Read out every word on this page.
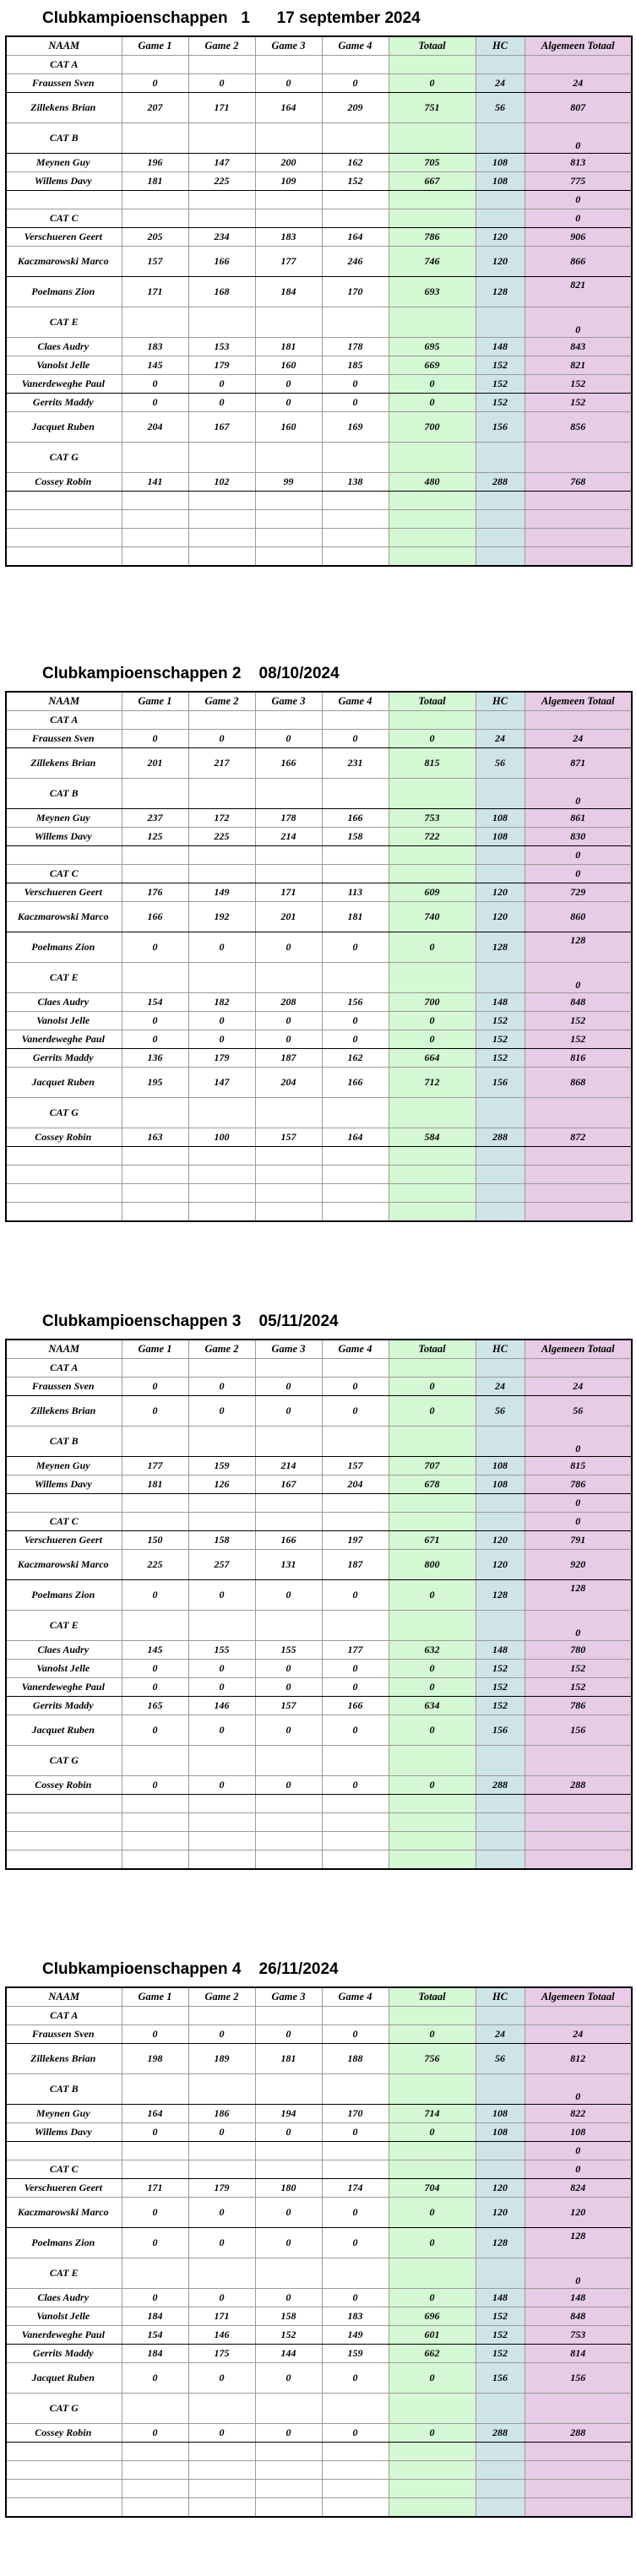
Clubkampioenschappen   1      17 september 2024
NAAM	Game 1	Game 2	Game 3	Game 4	Totaal	HC	Algemeen Totaal
CAT A							
Fraussen Sven	0	0	0	0	0	24	24
Zillekens Brian	207	171	164	209	751	56	807
CAT B							0
Meynen Guy	196	147	200	162	705	108	813
Willems Davy	181	225	109	152	667	108	775
							0
CAT C							0
Verschueren Geert	205	234	183	164	786	120	906
Kaczmarowski Marco	157	166	177	246	746	120	866
Poelmans Zion	171	168	184	170	693	128	821
CAT E							0
Claes Audry	183	153	181	178	695	148	843
Vanolst Jelle	145	179	160	185	669	152	821
Vanerdeweghe Paul	0	0	0	0	0	152	152
Gerrits Maddy	0	0	0	0	0	152	152
Jacquet Ruben	204	167	160	169	700	156	856
CAT G							
Cossey Robin	141	102	99	138	480	288	768

Clubkampioenschappen 2    08/10/2024
NAAM	Game 1	Game 2	Game 3	Game 4	Totaal	HC	Algemeen Totaal
CAT A							
Fraussen Sven	0	0	0	0	0	24	24
Zillekens Brian	201	217	166	231	815	56	871
CAT B							0
Meynen Guy	237	172	178	166	753	108	861
Willems Davy	125	225	214	158	722	108	830
							0
CAT C							0
Verschueren Geert	176	149	171	113	609	120	729
Kaczmarowski Marco	166	192	201	181	740	120	860
Poelmans Zion	0	0	0	0	0	128	128
CAT E							0
Claes Audry	154	182	208	156	700	148	848
Vanolst Jelle	0	0	0	0	0	152	152
Vanerdeweghe Paul	0	0	0	0	0	152	152
Gerrits Maddy	136	179	187	162	664	152	816
Jacquet Ruben	195	147	204	166	712	156	868
CAT G							
Cossey Robin	163	100	157	164	584	288	872

Clubkampioenschappen 3    05/11/2024
NAAM	Game 1	Game 2	Game 3	Game 4	Totaal	HC	Algemeen Totaal
CAT A							
Fraussen Sven	0	0	0	0	0	24	24
Zillekens Brian	0	0	0	0	0	56	56
CAT B							0
Meynen Guy	177	159	214	157	707	108	815
Willems Davy	181	126	167	204	678	108	786
							0
CAT C							0
Verschueren Geert	150	158	166	197	671	120	791
Kaczmarowski Marco	225	257	131	187	800	120	920
Poelmans Zion	0	0	0	0	0	128	128
CAT E							0
Claes Audry	145	155	155	177	632	148	780
Vanolst Jelle	0	0	0	0	0	152	152
Vanerdeweghe Paul	0	0	0	0	0	152	152
Gerrits Maddy	165	146	157	166	634	152	786
Jacquet Ruben	0	0	0	0	0	156	156
CAT G							
Cossey Robin	0	0	0	0	0	288	288

Clubkampioenschappen 4    26/11/2024
NAAM	Game 1	Game 2	Game 3	Game 4	Totaal	HC	Algemeen Totaal
CAT A							
Fraussen Sven	0	0	0	0	0	24	24
Zillekens Brian	198	189	181	188	756	56	812
CAT B							0
Meynen Guy	164	186	194	170	714	108	822
Willems Davy	0	0	0	0	0	108	108
							0
CAT C							0
Verschueren Geert	171	179	180	174	704	120	824
Kaczmarowski Marco	0	0	0	0	0	120	120
Poelmans Zion	0	0	0	0	0	128	128
CAT E							0
Claes Audry	0	0	0	0	0	148	148
Vanolst Jelle	184	171	158	183	696	152	848
Vanerdeweghe Paul	154	146	152	149	601	152	753
Gerrits Maddy	184	175	144	159	662	152	814
Jacquet Ruben	0	0	0	0	0	156	156
CAT G							
Cossey Robin	0	0	0	0	0	288	288
